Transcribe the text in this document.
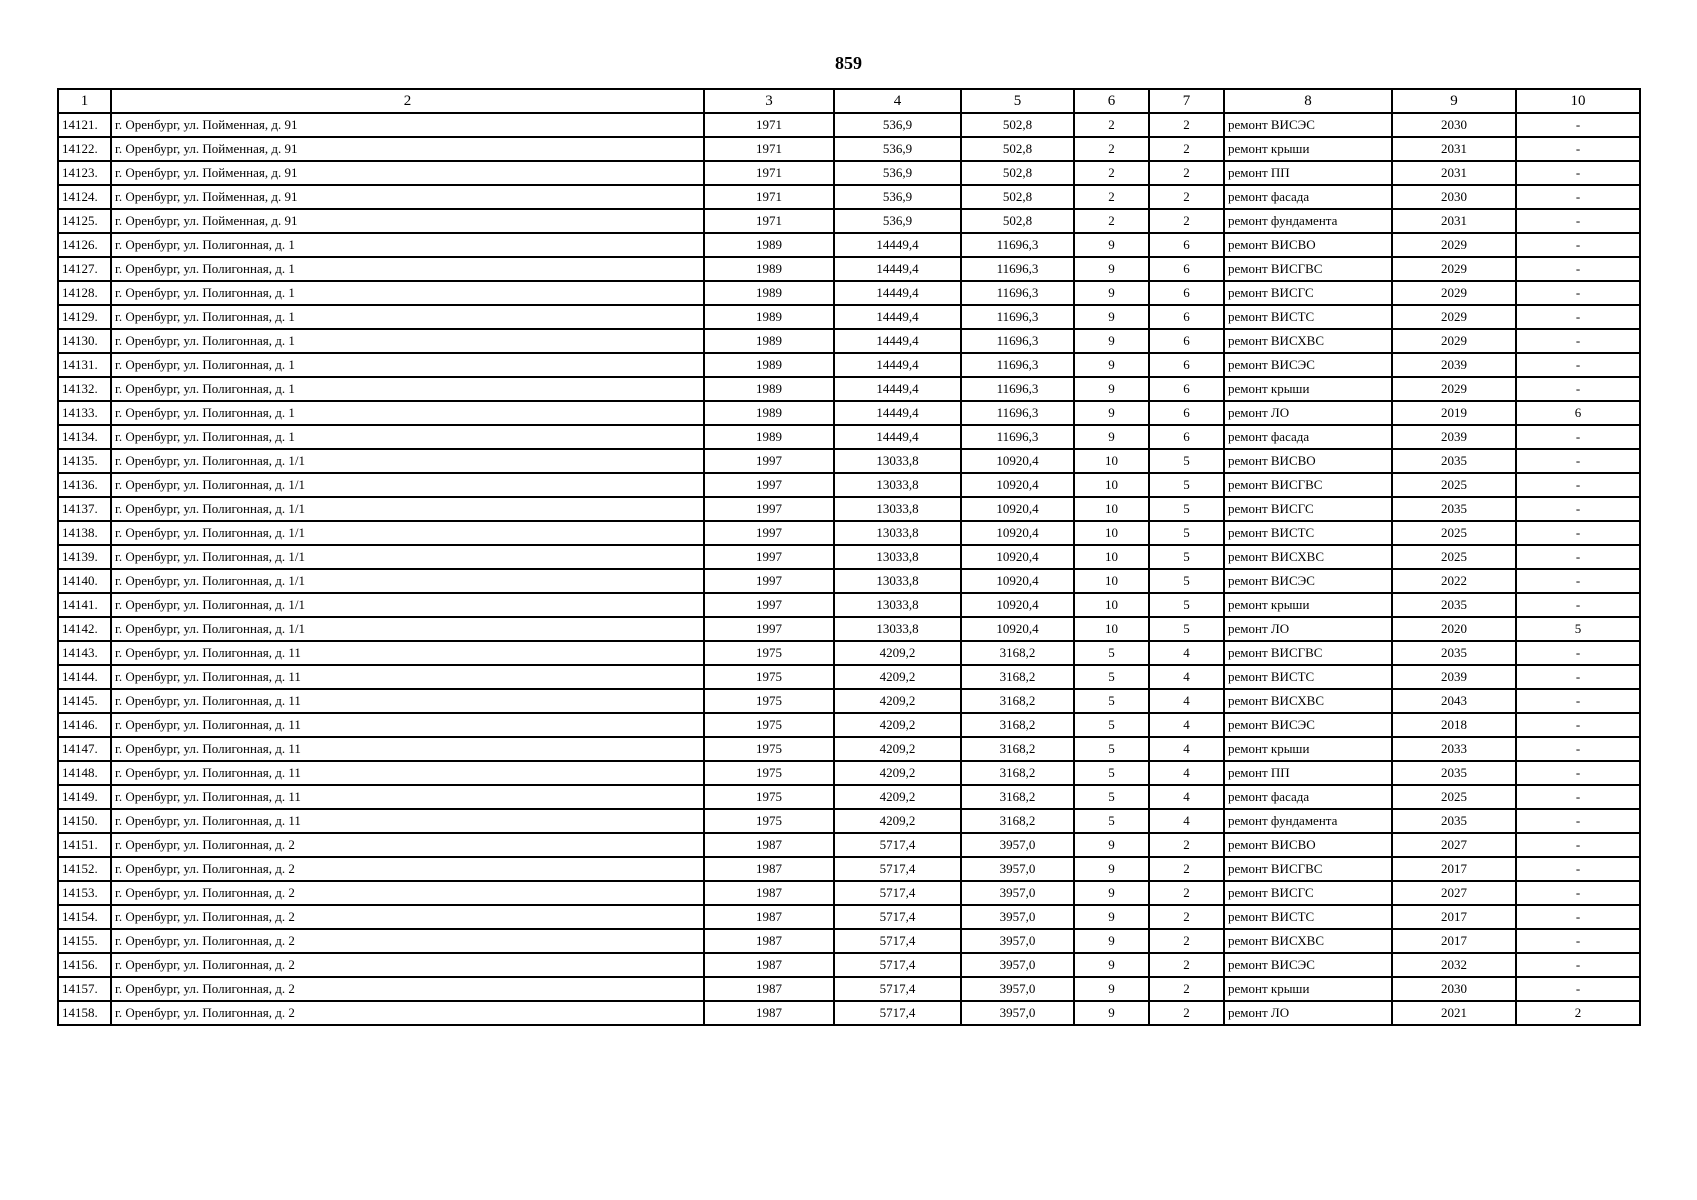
859
1	2	3	4	5	6	7	8	9	10
14121.	г. Оренбург, ул. Пойменная, д. 91	1971	536,9	502,8	2	2	ремонт ВИСЭС	2030	-
14122.	г. Оренбург, ул. Пойменная, д. 91	1971	536,9	502,8	2	2	ремонт крыши	2031	-
14123.	г. Оренбург, ул. Пойменная, д. 91	1971	536,9	502,8	2	2	ремонт ПП	2031	-
14124.	г. Оренбург, ул. Пойменная, д. 91	1971	536,9	502,8	2	2	ремонт фасада	2030	-
14125.	г. Оренбург, ул. Пойменная, д. 91	1971	536,9	502,8	2	2	ремонт фундамента	2031	-
14126.	г. Оренбург, ул. Полигонная, д. 1	1989	14449,4	11696,3	9	6	ремонт ВИСВО	2029	-
14127.	г. Оренбург, ул. Полигонная, д. 1	1989	14449,4	11696,3	9	6	ремонт ВИСГВС	2029	-
14128.	г. Оренбург, ул. Полигонная, д. 1	1989	14449,4	11696,3	9	6	ремонт ВИСГС	2029	-
14129.	г. Оренбург, ул. Полигонная, д. 1	1989	14449,4	11696,3	9	6	ремонт ВИСТС	2029	-
14130.	г. Оренбург, ул. Полигонная, д. 1	1989	14449,4	11696,3	9	6	ремонт ВИСХВС	2029	-
14131.	г. Оренбург, ул. Полигонная, д. 1	1989	14449,4	11696,3	9	6	ремонт ВИСЭС	2039	-
14132.	г. Оренбург, ул. Полигонная, д. 1	1989	14449,4	11696,3	9	6	ремонт крыши	2029	-
14133.	г. Оренбург, ул. Полигонная, д. 1	1989	14449,4	11696,3	9	6	ремонт ЛО	2019	6
14134.	г. Оренбург, ул. Полигонная, д. 1	1989	14449,4	11696,3	9	6	ремонт фасада	2039	-
14135.	г. Оренбург, ул. Полигонная, д. 1/1	1997	13033,8	10920,4	10	5	ремонт ВИСВО	2035	-
14136.	г. Оренбург, ул. Полигонная, д. 1/1	1997	13033,8	10920,4	10	5	ремонт ВИСГВС	2025	-
14137.	г. Оренбург, ул. Полигонная, д. 1/1	1997	13033,8	10920,4	10	5	ремонт ВИСГС	2035	-
14138.	г. Оренбург, ул. Полигонная, д. 1/1	1997	13033,8	10920,4	10	5	ремонт ВИСТС	2025	-
14139.	г. Оренбург, ул. Полигонная, д. 1/1	1997	13033,8	10920,4	10	5	ремонт ВИСХВС	2025	-
14140.	г. Оренбург, ул. Полигонная, д. 1/1	1997	13033,8	10920,4	10	5	ремонт ВИСЭС	2022	-
14141.	г. Оренбург, ул. Полигонная, д. 1/1	1997	13033,8	10920,4	10	5	ремонт крыши	2035	-
14142.	г. Оренбург, ул. Полигонная, д. 1/1	1997	13033,8	10920,4	10	5	ремонт ЛО	2020	5
14143.	г. Оренбург, ул. Полигонная, д. 11	1975	4209,2	3168,2	5	4	ремонт ВИСГВС	2035	-
14144.	г. Оренбург, ул. Полигонная, д. 11	1975	4209,2	3168,2	5	4	ремонт ВИСТС	2039	-
14145.	г. Оренбург, ул. Полигонная, д. 11	1975	4209,2	3168,2	5	4	ремонт ВИСХВС	2043	-
14146.	г. Оренбург, ул. Полигонная, д. 11	1975	4209,2	3168,2	5	4	ремонт ВИСЭС	2018	-
14147.	г. Оренбург, ул. Полигонная, д. 11	1975	4209,2	3168,2	5	4	ремонт крыши	2033	-
14148.	г. Оренбург, ул. Полигонная, д. 11	1975	4209,2	3168,2	5	4	ремонт ПП	2035	-
14149.	г. Оренбург, ул. Полигонная, д. 11	1975	4209,2	3168,2	5	4	ремонт фасада	2025	-
14150.	г. Оренбург, ул. Полигонная, д. 11	1975	4209,2	3168,2	5	4	ремонт фундамента	2035	-
14151.	г. Оренбург, ул. Полигонная, д. 2	1987	5717,4	3957,0	9	2	ремонт ВИСВО	2027	-
14152.	г. Оренбург, ул. Полигонная, д. 2	1987	5717,4	3957,0	9	2	ремонт ВИСГВС	2017	-
14153.	г. Оренбург, ул. Полигонная, д. 2	1987	5717,4	3957,0	9	2	ремонт ВИСГС	2027	-
14154.	г. Оренбург, ул. Полигонная, д. 2	1987	5717,4	3957,0	9	2	ремонт ВИСТС	2017	-
14155.	г. Оренбург, ул. Полигонная, д. 2	1987	5717,4	3957,0	9	2	ремонт ВИСХВС	2017	-
14156.	г. Оренбург, ул. Полигонная, д. 2	1987	5717,4	3957,0	9	2	ремонт ВИСЭС	2032	-
14157.	г. Оренбург, ул. Полигонная, д. 2	1987	5717,4	3957,0	9	2	ремонт крыши	2030	-
14158.	г. Оренбург, ул. Полигонная, д. 2	1987	5717,4	3957,0	9	2	ремонт ЛО	2021	2
